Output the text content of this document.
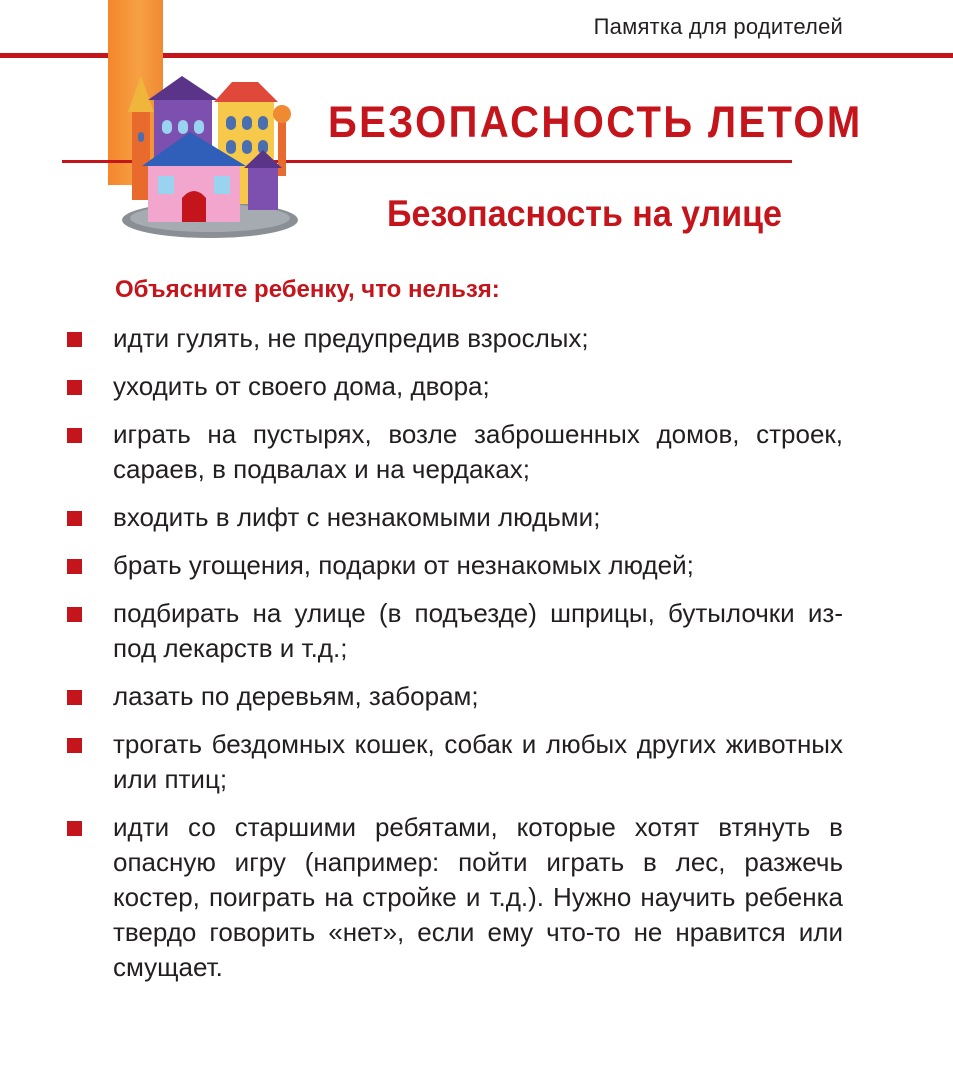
Памятка для родителей
БЕЗОПАСНОСТЬ ЛЕТОМ
Безопасность на улице
Объясните ребенку, что нельзя:
идти гулять, не предупредив взрослых;
уходить от своего дома, двора;
играть на пустырях, возле заброшенных домов, строек, сараев, в подвалах и на чердаках;
входить в лифт с незнакомыми людьми;
брать угощения, подарки от незнакомых людей;
подбирать на улице (в подъезде) шприцы, бутылочки из-под лекарств и т.д.;
лазать по деревьям, заборам;
трогать бездомных кошек, собак и любых других животных или птиц;
идти со старшими ребятами, которые хотят втянуть в опасную игру (например: пойти играть в лес, разжечь костер, поиграть на стройке и т.д.). Нужно научить ребенка твердо говорить «нет», если ему что-то не нравится или смущает.
